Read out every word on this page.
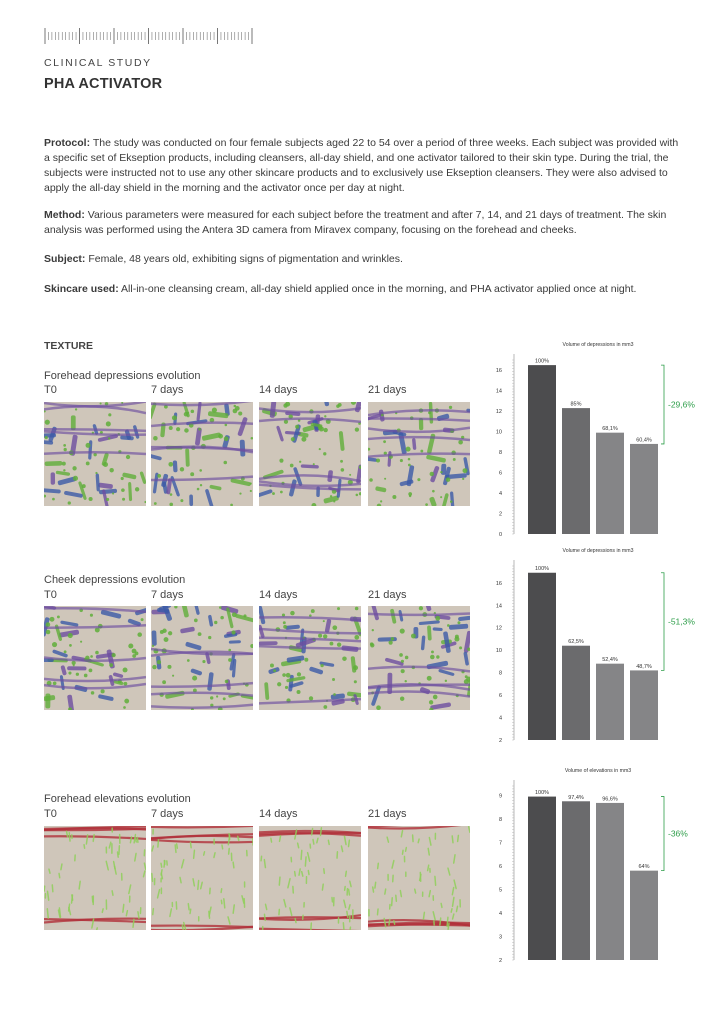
CLINICAL STUDY
PHA ACTIVATOR
Protocol: The study was conducted on four female subjects aged 22 to 54 over a period of three weeks. Each subject was provided with a specific set of Ekseption products, including cleansers, all-day shield, and one activator tailored to their skin type. During the trial, the subjects were instructed not to use any other skincare products and to exclusively use Ekseption cleansers. They were also advised to apply the all-day shield in the morning and the activator once per day at night.
Method: Various parameters were measured for each subject before the treatment and after 7, 14, and 21 days of treatment. The skin analysis was performed using the Antera 3D camera from Miravex company, focusing on the forehead and cheeks.
Subject: Female, 48 years old, exhibiting signs of pigmentation and wrinkles.
Skincare used: All-in-one cleansing cream, all-day shield applied once in the morning, and PHA activator applied once at night.
TEXTURE
Forehead depressions evolution
T0	7 days	14 days	21 days
Cheek depressions evolution
T0	7 days	14 days	21 days
Forehead elevations evolution
T0	7 days	14 days	21 days
Volume of depressions in mm3
0
2
4
6
8
10
12
14
16
100%
85%
68,1%
60,4%
-29,6%
Volume of depressions in mm3
2
4
6
8
10
12
14
16
100%
62,5%
52,4%
48,7%
-51,3%
Volume of elevations in mm3
2
3
4
5
6
7
8
9
100%
97,4%	96,6%
64%
-36%
